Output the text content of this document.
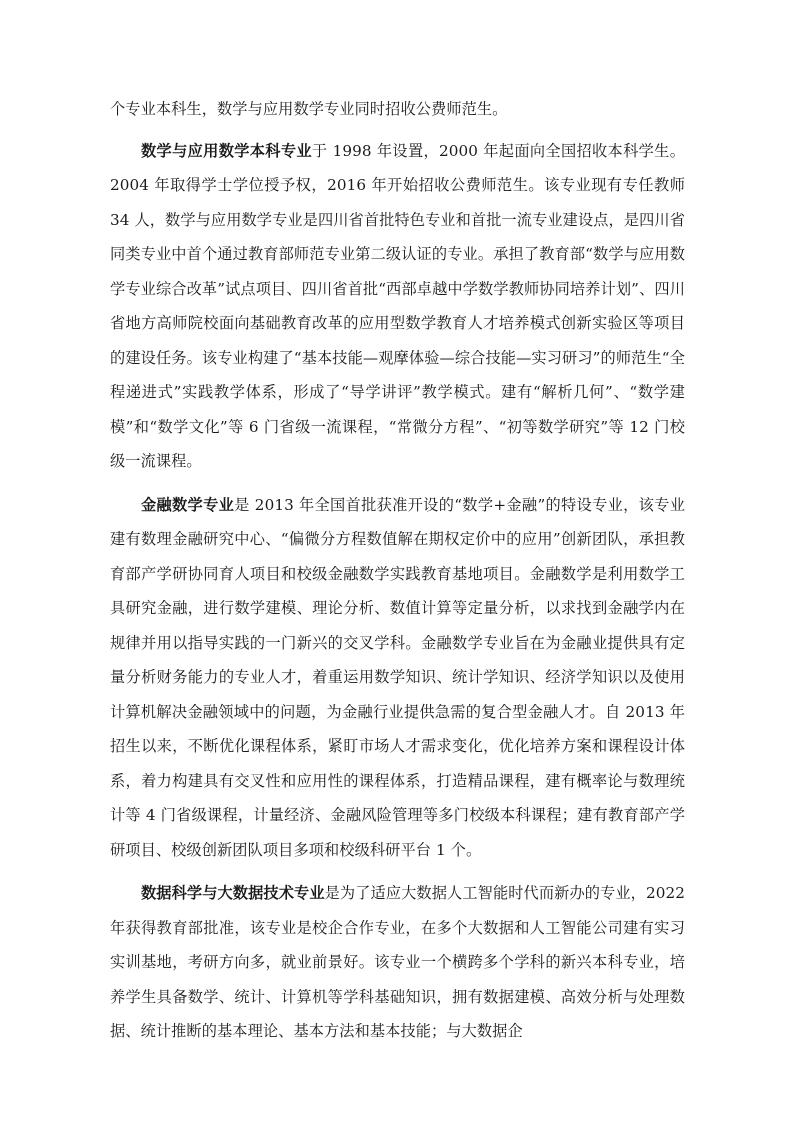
个专业本科生，数学与应用数学专业同时招收公费师范生。

数学与应用数学本科专业于 1998 年设置，2000 年起面向全国招收本科学生。2004 年取得学士学位授予权，2016 年开始招收公费师范生。该专业现有专任教师 34 人，数学与应用数学专业是四川省首批特色专业和首批一流专业建设点，是四川省同类专业中首个通过教育部师范专业第二级认证的专业。承担了教育部“数学与应用数学专业综合改革”试点项目、四川省首批“西部卓越中学数学教师协同培养计划”、四川省地方高师院校面向基础教育改革的应用型数学教育人才培养模式创新实验区等项目的建设任务。该专业构建了“基本技能—观摩体验—综合技能—实习研习”的师范生“全程递进式”实践教学体系，形成了“导学讲评”教学模式。建有“解析几何”、“数学建模”和“数学文化”等 6 门省级一流课程，“常微分方程”、“初等数学研究”等 12 门校级一流课程。

金融数学专业是 2013 年全国首批获准开设的“数学+金融”的特设专业，该专业建有数理金融研究中心、“偏微分方程数值解在期权定价中的应用”创新团队，承担教育部产学研协同育人项目和校级金融数学实践教育基地项目。金融数学是利用数学工具研究金融，进行数学建模、理论分析、数值计算等定量分析，以求找到金融学内在规律并用以指导实践的一门新兴的交叉学科。金融数学专业旨在为金融业提供具有定量分析财务能力的专业人才，着重运用数学知识、统计学知识、经济学知识以及使用计算机解决金融领域中的问题，为金融行业提供急需的复合型金融人才。自 2013 年招生以来，不断优化课程体系，紧盯市场人才需求变化，优化培养方案和课程设计体系，着力构建具有交叉性和应用性的课程体系，打造精品课程，建有概率论与数理统计等 4 门省级课程，计量经济、金融风险管理等多门校级本科课程；建有教育部产学研项目、校级创新团队项目多项和校级科研平台 1 个。

数据科学与大数据技术专业是为了适应大数据人工智能时代而新办的专业，2022 年获得教育部批准，该专业是校企合作专业，在多个大数据和人工智能公司建有实习实训基地，考研方向多，就业前景好。该专业一个横跨多个学科的新兴本科专业，培养学生具备数学、统计、计算机等学科基础知识，拥有数据建模、高效分析与处理数据、统计推断的基本理论、基本方法和基本技能；与大数据企
